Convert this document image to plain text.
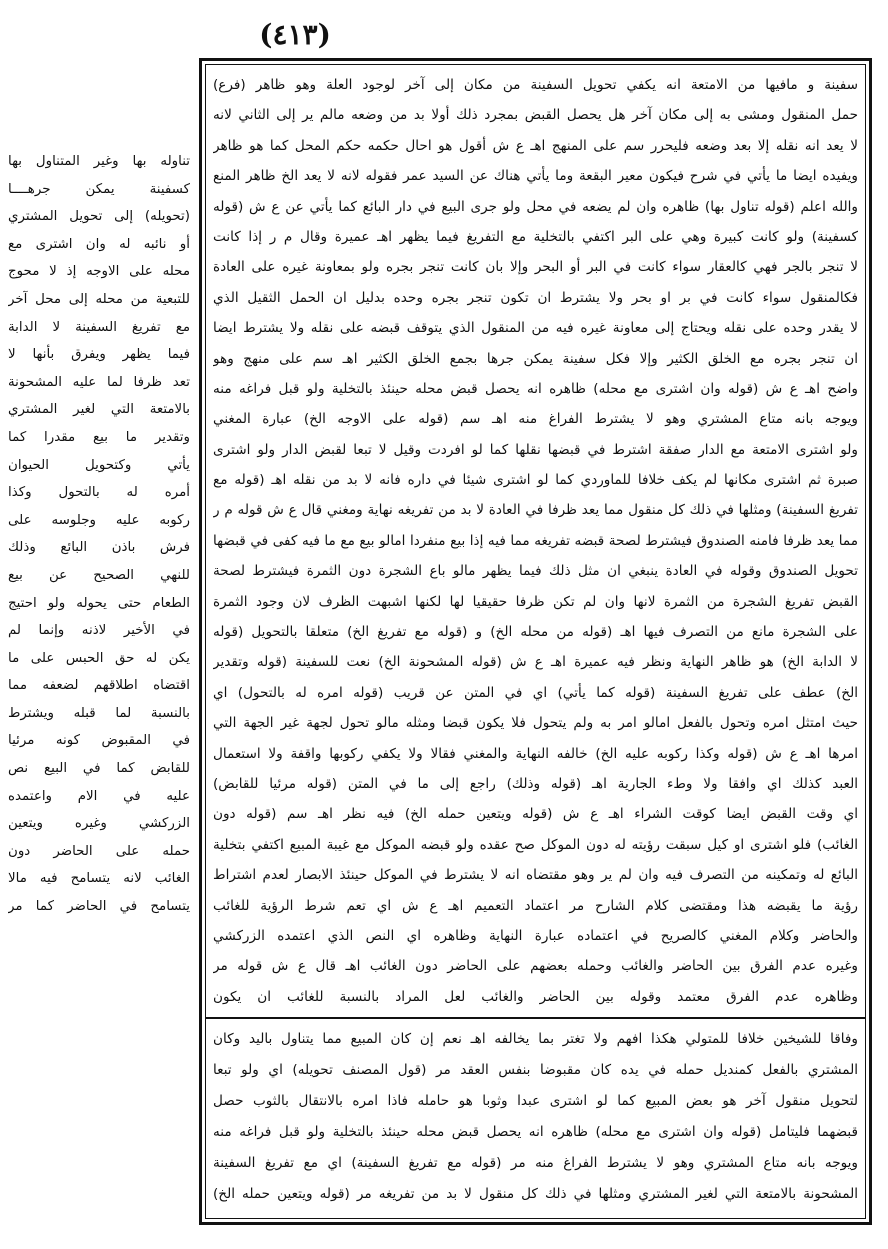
(٤١٣)
سفينة و مافيها من الامتعة انه يكفي تحويل السفينة من مكان إلى آخر لوجود العلة وهو ظاهر (فرع)
حمل المنقول ومشى به إلى مكان آخر هل يحصل القبض بمجرد ذلك أولا بد من وضعه مالم ير إلى الثاني لانه
لا يعد انه نقله إلا بعد وضعه فليحرر سم على المنهج اهـ ع ش أقول هو احال حكمه حكم المحل كما هو ظاهر
ويفيده ايضا ما يأتي في شرح فيكون معير البقعة وما يأتي هناك عن السيد عمر فقوله لانه لا يعد الخ ظاهر المنع
والله اعلم (قوله تناول بها) ظاهره وان لم يضعه في محل ولو جرى البيع في دار البائع كما يأتي عن ع ش (قوله
كسفينة) ولو كانت كبيرة وهي على البر اكتفي بالتخلية مع التفريغ فيما يظهر اهـ عميرة وقال م ر إذا كانت
لا تنجر بالجر فهي كالعقار سواء كانت في البر أو البحر وإلا بان كانت تنجر بجره ولو بمعاونة غيره على العادة
فكالمنقول سواء كانت في بر او بحر ولا يشترط ان تكون تنجر بجره وحده بدليل ان الحمل الثقيل الذي
لا يقدر وحده على نقله ويحتاج إلى معاونة غيره فيه من المنقول الذي يتوقف قبضه على نقله ولا يشترط ايضا
ان تنجر بجره مع الخلق الكثير وإلا فكل سفينة يمكن جرها بجمع الخلق الكثير اهـ سم على منهج وهو
واضح اهـ ع ش (قوله وان اشترى مع محله) ظاهره انه يحصل قبض محله حينئذ بالتخلية ولو قبل فراغه منه
ويوجه بانه متاع المشتري وهو لا يشترط الفراغ منه اهـ سم (قوله على الاوجه الخ) عبارة المغني
ولو اشترى الامتعة مع الدار صفقة اشترط في قبضها نقلها كما لو افردت وقيل لا تبعا لقبض الدار ولو اشترى
صبرة ثم اشترى مكانها لم يكف خلافا للماوردي كما لو اشترى شيئا في داره فانه لا بد من نقله اهـ (قوله مع
تفريغ السفينة) ومثلها في ذلك كل منقول مما يعد ظرفا في العادة لا بد من تفريغه نهاية ومغني قال ع ش قوله م ر
مما يعد ظرفا فامنه الصندوق فيشترط لصحة قبضه تفريغه مما فيه إذا بيع منفردا امالو بيع مع ما فيه كفى في قبضها
تحويل الصندوق وقوله في العادة ينبغي ان مثل ذلك فيما يظهر مالو باع الشجرة دون الثمرة فيشترط لصحة
القبض تفريغ الشجرة من الثمرة لانها وان لم تكن ظرفا حقيقيا لها لكنها اشبهت الظرف لان وجود الثمرة
على الشجرة مانع من التصرف فيها اهـ (قوله من محله الخ) و (قوله مع تفريغ الخ) متعلقا بالتحويل (قوله
لا الدابة الخ) هو ظاهر النهاية ونظر فيه عميرة اهـ ع ش (قوله المشحونة الخ) نعت للسفينة (قوله وتقدير
الخ) عطف على تفريغ السفينة (قوله كما يأتي) اي في المتن عن قريب (قوله امره له بالتحول) اي
حيث امتثل امره وتحول بالفعل امالو امر به ولم يتحول فلا يكون قبضا ومثله مالو تحول لجهة غير الجهة التي
امرها اهـ ع ش (قوله وكذا ركوبه عليه الخ) خالفه النهاية والمغني فقالا ولا يكفي ركوبها واقفة ولا استعمال
العبد كذلك اي وافقا ولا وطء الجارية اهـ (قوله وذلك) راجع إلى ما في المتن (قوله مرئيا للقابض)
اي وقت القبض ايضا كوقت الشراء اهـ ع ش (قوله ويتعين حمله الخ) فيه نظر اهـ سم (قوله دون
الغائب) فلو اشترى او كيل سبقت رؤيته له دون الموكل صح عقده ولو قبضه الموكل مع غيبة المبيع اكتفي بتخلية
البائع له وتمكينه من التصرف فيه وان لم ير وهو مقتضاه انه لا يشترط في الموكل حينئذ الابصار لعدم اشتراط
رؤية ما يقبضه هذا ومقتضى كلام الشارح مر اعتماد التعميم اهـ ع ش اي تعم شرط الرؤية للغائب
والحاضر وكلام المغني كالصريح في اعتماده عبارة النهاية وظاهره اي النص الذي اعتمده الزركشي
وغيره عدم الفرق بين الحاضر والغائب وحمله بعضهم على الحاضر دون الغائب اهـ قال ع ش قوله مر
وظاهره عدم الفرق معتمد وقوله بين الحاضر والغائب لعل المراد بالنسبة للغائب ان يكون
وفاقا للشيخين خلافا للمتولي هكذا افهم ولا تغتر بما يخالفه اهـ نعم إن كان المبيع مما يتناول باليد وكان
المشتري بالفعل كمنديل حمله في يده كان مقبوضا بنفس العقد مر (قول المصنف تحويله) اي ولو تبعا
لتحويل منقول آخر هو بعض المبيع كما لو اشترى عبدا وثوبا هو حامله فاذا امره بالانتقال بالثوب حصل
قبضهما فليتامل (قوله وان اشترى مع محله) ظاهره انه يحصل قبض محله حينئذ بالتخلية ولو قبل فراغه منه
ويوجه بانه متاع المشتري وهو لا يشترط الفراغ منه مر (قوله مع تفريغ السفينة) اي مع تفريغ السفينة
المشحونة بالامتعة التي لغير المشتري ومثلها في ذلك كل منقول لا بد من تفريغه مر (قوله ويتعين حمله الخ)
تناوله بها وغير المتناول بها
كسفينة يمكن جرهــــا
(تحويله) إلى تحويل المشتري
أو نائبه له وان اشترى مع
محله على الاوجه إذ لا محوج
للتبعية من محله إلى محل آخر
مع تفريغ السفينة لا الدابة
فيما يظهر ويفرق بأنها لا
تعد ظرفا لما عليه المشحونة
بالامتعة التي لغير المشتري
وتقدير ما بيع مقدرا كما
يأتي وكتحويل الحيوان
أمره له بالتحول وكذا
ركوبه عليه وجلوسه على
فرش باذن البائع وذلك
للنهي الصحيح عن بيع
الطعام حتى يحوله ولو احتيج
في الأخير لاذنه وإنما لم
يكن له حق الحبس على ما
اقتضاه اطلاقهم لضعفه مما
بالنسبة لما قبله ويشترط
في المقبوض كونه مرئيا
للقابض كما في البيع نص
عليه في الام واعتمده
الزركشي وغيره ويتعين
حمله على الحاضر دون
الغائب لانه يتسامح فيه مالا
يتسامح في الحاضر كما مر
